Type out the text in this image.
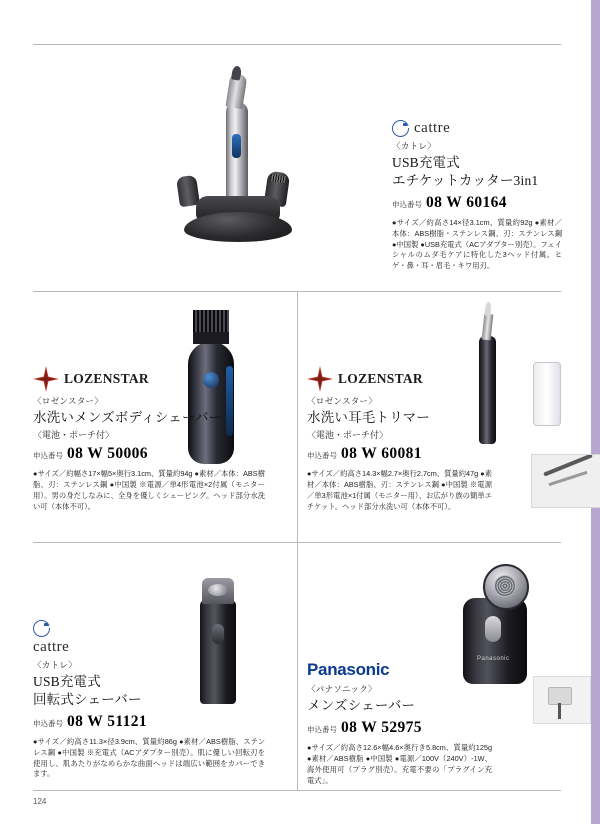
cattre
〈カトレ〉
USB充電式
エチケットカッター3in1
申込番号 08 W 60164
●サイズ／約高さ14×径3.1cm、質量約92g ●素材／本体：ABS樹脂・ステンレス鋼、刃：ステンレス鋼 ●中国製 ●USB充電式（ACアダプター別売）。フェイシャルのムダ毛ケアに特化した3ヘッド付属。ヒゲ・鼻・耳・眉毛・キワ用刃。
LOZENSTAR
〈ロゼンスター〉
水洗いメンズボディシェーバー
〈電池・ポーチ付〉
申込番号 08 W 50006
●サイズ／約幅さ17×幅5×奥行3.1cm、質量約94g ●素材／本体：ABS樹脂、刃：ステンレス鋼 ●中国製 ※電源／単4形電池×2付属（モニター用）。男の身だしなみに、全身を優しくシェービング。ヘッド部分水洗い可（本体不可）。
LOZENSTAR
〈ロゼンスター〉
水洗い耳毛トリマー
〈電池・ポーチ付〉
申込番号 08 W 60081
●サイズ／約高さ14.3×幅2.7×奥行2.7cm、質量約47g ●素材／本体：ABS樹脂、刃：ステンレス鋼 ●中国製 ※電源／単3形電池×1付属（モニター用）、お広がり族の簡単エチケット。ヘッド部分水洗い可（本体不可）。
cattre
〈カトレ〉
USB充電式
回転式シェーバー
申込番号 08 W 51121
●サイズ／約高さ11.3×径3.9cm、質量約86g ●素材／ABS樹脂、ステンレス鋼 ●中国製 ※充電式（ACアダプター別売）。肌に優しい回転刃を使用し、肌あたりがなめらかな曲面ヘッドは端広い範囲をカバーできます。
Panasonic
Panasonic
〈パナソニック〉
メンズシェーバー
申込番号 08 W 52975
●サイズ／約高さ12.6×幅4.6×奥行き5.8cm、質量約125g ●素材／ABS樹脂 ●中国製 ●電源／100V（240V）-1W、海外使用可（プラグ別売）。充電不要の「プラグイン充電式」。
124
